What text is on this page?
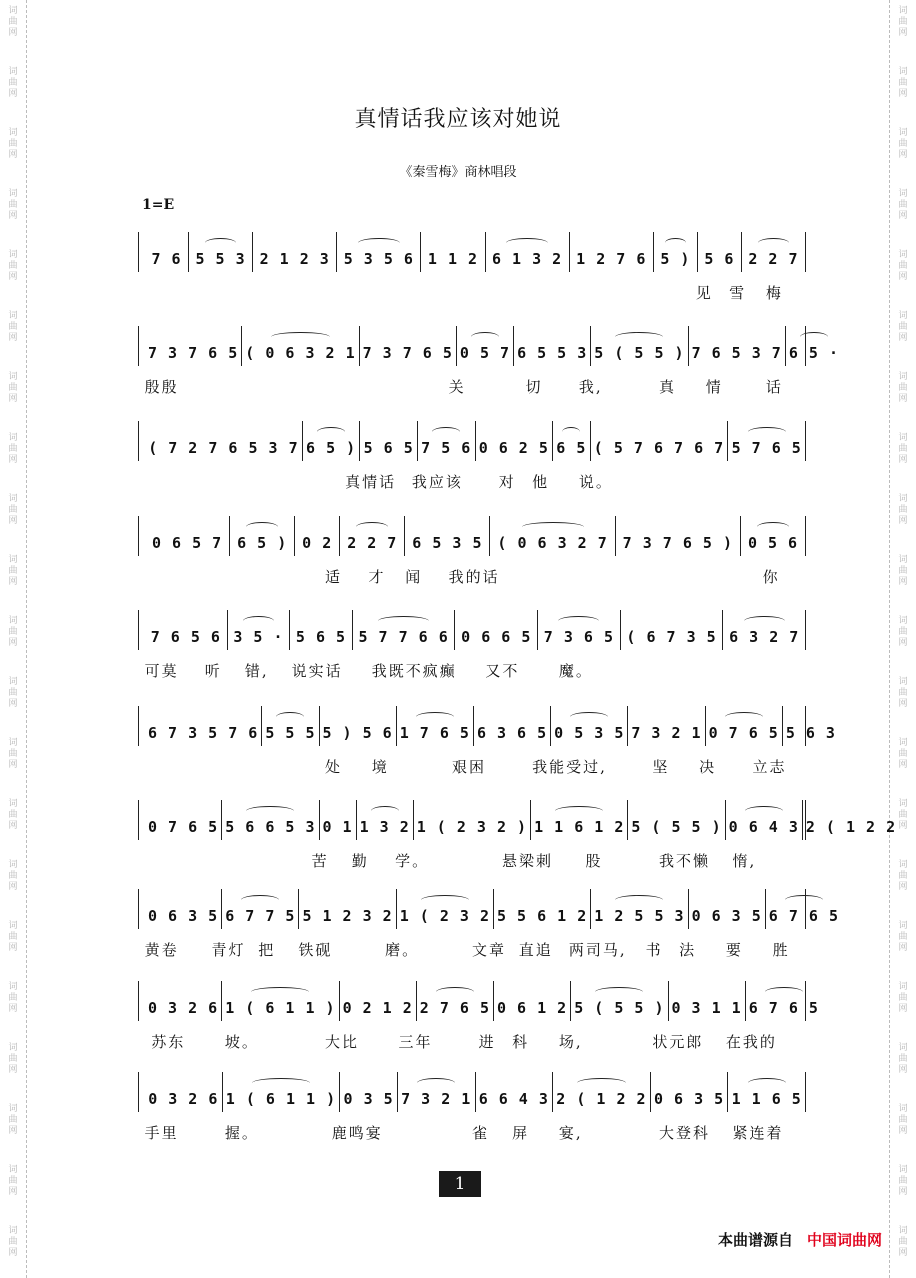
词
曲
网
词
曲
网
词
曲
网
词
曲
网
词
曲
网
词
曲
网
词
曲
网
词
曲
网
词
曲
网
词
曲
网
词
曲
网
词
曲
网
词
曲
网
词
曲
网
词
曲
网
词
曲
网
词
曲
网
词
曲
网
词
曲
网
词
曲
网
词
曲
网
词
曲
网
词
曲
网
词
曲
网
词
曲
网
词
曲
网
词
曲
网
词
曲
网
词
曲
网
词
曲
网
词
曲
网
词
曲
网
词
曲
网
词
曲
网
词
曲
网
词
曲
网
词
曲
网
词
曲
网
词
曲
网
词
曲
网
词
曲
网
词
曲
网
真情话我应该对她说
《秦雪梅》商林唱段
1=E
7 6 5 5 3 2 1 2 3 5 3 5 6 1 1 2 6 1 3 2 1 2 7 6 5 ) 5 6 2 2 7
见 雪 梅
7 3 7 6 5 ( 0 6 3 2 1 7 3 7 6 5 0 5 7 6 5 5 3 5 ( 5 5 ) 7 6 5 3 7 6 5 ·
殷殷	关	切 我,	真 情	话
( 7 2 7 6 5 3 7 6 5 ) 5 6 5 7 5 6 0 6 2 5 6 5 ( 5 7 6 7 6 7 5 7 6 5
真情话 我应该 对 他 说。
0 6 5 7 6 5 ) 0 2 2 2 7 6 5 3 5 ( 0 6 3 2 7 7 3 7 6 5 ) 0 5 6
适 才 闻 我的话	你
7 6 5 6 3 5 · 5 6 5 5 7 7 6 6 0 6 6 5 7 3 6 5 ( 6 7 3 5 6 3 2 7
可莫 听 错, 说实话 我既不疯癫 又不	魔。
6 7 3 5 7 6 5 5 5 5 ) 5 6 1 7 6 5 6 3 6 5 0 5 3 5 7 3 2 1 0 7 6 5 5 6 3
处 境	艰困	我能受过,	坚 决 立志
0 7 6 5 5 6 6 5 3 0 1 1 3 2 1 ( 2 3 2 ) 1 1 6 1 2 5 ( 5 5 ) 0 6 4 3 2 ( 1 2 2
苦 勤 学。	悬梁刺 股	我不懒 惰,
0 6 3 5 6 7 7 5 5 1 2 3 2 1 ( 2 3 2 5 5 6 1 2 1 2 5 5 3 0 6 3 5 6 7 6 5
黄卷 青灯 把 铁砚	磨。	文章 直追 两司马, 书 法 要 胜
0 3 2 6 1 ( 6 1 1 ) 0 2 1 2 2 7 6 5 0 6 1 2 5 ( 5 5 ) 0 3 1 1 6 7 6 5
苏东	坡。	大比	三年	进 科 场,	状元郎 在我的
0 3 2 6 1 ( 6 1 1 ) 0 3 5 7 3 2 1 6 6 4 3 2 ( 1 2 2 0 6 3 5 1 1 6 5
手里	握。	鹿鸣宴	雀 屏 宴,	大登科 紧连着
1
本曲谱源自 中国词曲网
